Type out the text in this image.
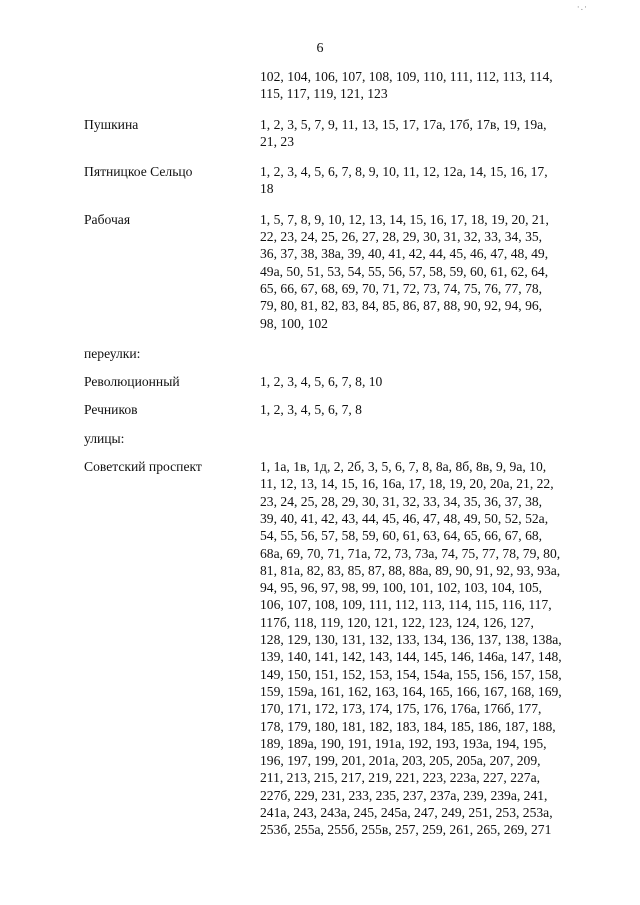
·.·
6
102, 104, 106, 107, 108, 109, 110, 111, 112, 113, 114,
115, 117, 119, 121, 123
Пушкина	1, 2, 3, 5, 7, 9, 11, 13, 15, 17, 17а, 17б, 17в, 19, 19а,
21, 23
Пятницкое Сельцо	1, 2, 3, 4, 5, 6, 7, 8, 9, 10, 11, 12, 12а, 14, 15, 16, 17,
18
Рабочая	1, 5, 7, 8, 9, 10, 12, 13, 14, 15, 16, 17, 18, 19, 20, 21,
22, 23, 24, 25, 26, 27, 28, 29, 30, 31, 32, 33, 34, 35,
36, 37, 38, 38а, 39, 40, 41, 42, 44, 45, 46, 47, 48, 49,
49а, 50, 51, 53, 54, 55, 56, 57, 58, 59, 60, 61, 62, 64,
65, 66, 67, 68, 69, 70, 71, 72, 73, 74, 75, 76, 77, 78,
79, 80, 81, 82, 83, 84, 85, 86, 87, 88, 90, 92, 94, 96,
98, 100, 102
переулки:
Революционный	1, 2, 3, 4, 5, 6, 7, 8, 10
Речников	1, 2, 3, 4, 5, 6, 7, 8
улицы:
Советский проспект	1, 1а, 1в, 1д, 2, 2б, 3, 5, 6, 7, 8, 8а, 8б, 8в, 9, 9а, 10,
11, 12, 13, 14, 15, 16, 16а, 17, 18, 19, 20, 20а, 21, 22,
23, 24, 25, 28, 29, 30, 31, 32, 33, 34, 35, 36, 37, 38,
39, 40, 41, 42, 43, 44, 45, 46, 47, 48, 49, 50, 52, 52а,
54, 55, 56, 57, 58, 59, 60, 61, 63, 64, 65, 66, 67, 68,
68а, 69, 70, 71, 71а, 72, 73, 73а, 74, 75, 77, 78, 79, 80,
81, 81а, 82, 83, 85, 87, 88, 88а, 89, 90, 91, 92, 93, 93а,
94, 95, 96, 97, 98, 99, 100, 101, 102, 103, 104, 105,
106, 107, 108, 109, 111, 112, 113, 114, 115, 116, 117,
117б, 118, 119, 120, 121, 122, 123, 124, 126, 127,
128, 129, 130, 131, 132, 133, 134, 136, 137, 138, 138а,
139, 140, 141, 142, 143, 144, 145, 146, 146а, 147, 148,
149, 150, 151, 152, 153, 154, 154а, 155, 156, 157, 158,
159, 159а, 161, 162, 163, 164, 165, 166, 167, 168, 169,
170, 171, 172, 173, 174, 175, 176, 176а, 176б, 177,
178, 179, 180, 181, 182, 183, 184, 185, 186, 187, 188,
189, 189а, 190, 191, 191а, 192, 193, 193а, 194, 195,
196, 197, 199, 201, 201а, 203, 205, 205а, 207, 209,
211, 213, 215, 217, 219, 221, 223, 223а, 227, 227а,
227б, 229, 231, 233, 235, 237, 237а, 239, 239а, 241,
241а, 243, 243а, 245, 245а, 247, 249, 251, 253, 253а,
253б, 255а, 255б, 255в, 257, 259, 261, 265, 269, 271
